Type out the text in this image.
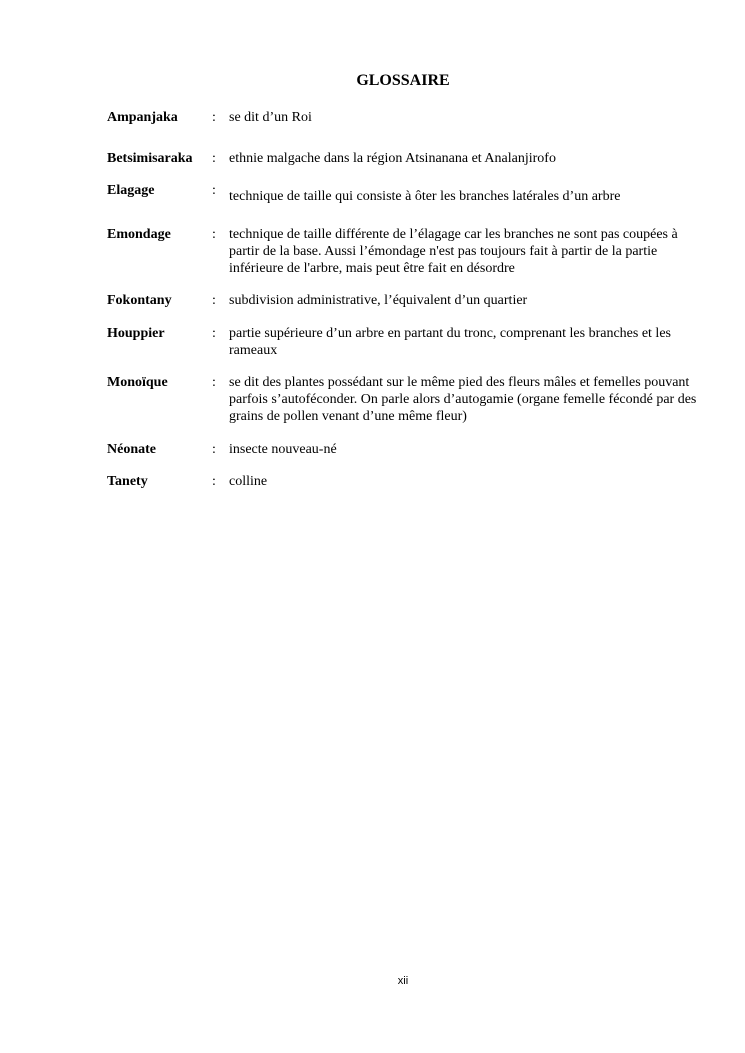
GLOSSAIRE
Ampanjaka : se dit d’un Roi
Betsimisaraka : ethnie malgache dans la région Atsinanana et Analanjirofo
Elagage	: technique de taille qui consiste à ôter les branches latérales d’un arbre
Emondage	: technique de taille différente de l’élagage car les branches ne sont pas coupées à partir de la base. Aussi l’émondage n'est pas toujours fait à partir de la partie inférieure de l'arbre, mais peut être fait en désordre
Fokontany	: subdivision administrative, l’équivalent d’un quartier
Houppier	: partie supérieure d’un arbre en partant du tronc, comprenant les branches et les rameaux
Monoïque	: se dit des plantes possédant sur le même pied des fleurs mâles et femelles pouvant parfois s’autoféconder. On parle alors d’autogamie (organe femelle fécondé par des grains de pollen venant d’une même fleur)
Néonate	: insecte nouveau-né
Tanety	: colline
xii
